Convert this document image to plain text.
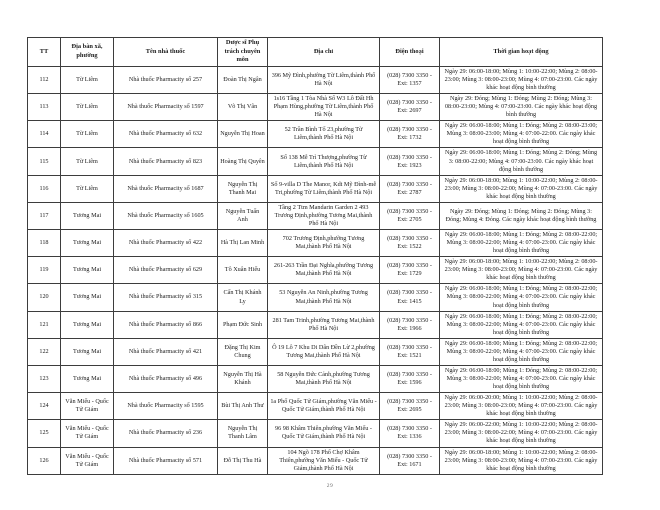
TT	Địa bàn xã, phường	Tên nhà thuốc	Dược sĩ Phụ trách chuyên môn	Địa chỉ	Điện thoại	Thời gian hoạt động
112	Từ Liêm	Nhà thuốc Pharmacity số 257	Đoàn Thị Ngân	396 Mỹ Đình,phường Từ Liêm,thành Phố Hà Nội	(028) 7300 3350 - Ext: 1357	Ngày 29: 06:00-18:00; Mùng 1: 10:00-22:00; Mùng 2: 08:00-23:00; Mùng 3: 08:00-23:00; Mùng 4: 07:00-23:00. Các ngày khác hoạt động bình thường
113	Từ Liêm	Nhà thuốc Pharmacity số 1597	Võ Thị Vân	1s16 Tầng 1 Tòa Nhà Số W3 Lô Đất Hh Phạm Hùng,phường Từ Liêm,thành Phố Hà Nội	(028) 7300 3350 - Ext: 2697	Ngày 29: Đóng; Mùng 1: Đóng; Mùng 2: Đóng; Mùng 3: 08:00-23:00; Mùng 4: 07:00-23:00. Các ngày khác hoạt động bình thường
114	Từ Liêm	Nhà thuốc Pharmacity số 632	Nguyễn Thị Hoan	52 Trần Bình Tổ 23,phường Từ Liêm,thành Phố Hà Nội	(028) 7300 3350 - Ext: 1732	Ngày 29: 06:00-18:00; Mùng 1: Đóng; Mùng 2: 08:00-23:00; Mùng 3: 08:00-23:00; Mùng 4: 07:00-22:00. Các ngày khác hoạt động bình thường
115	Từ Liêm	Nhà thuốc Pharmacity số 823	Hoàng Thị Quyên	Số 138 Mễ Trì Thượng,phường Từ Liêm,thành Phố Hà Nội	(028) 7300 3350 - Ext: 1923	Ngày 29: 06:00-18:00; Mùng 1: Đóng; Mùng 2: Đóng; Mùng 3: 08:00-22:00; Mùng 4: 07:00-23:00. Các ngày khác hoạt động bình thường
116	Từ Liêm	Nhà thuốc Pharmacity số 1687	Nguyễn Thị Thanh Mai	Số 9-villa D The Manor, Kdt Mỹ Đình-mễ Tri,phường Từ Liêm,thành Phố Hà Nội	(028) 7300 3350 - Ext: 2787	Ngày 29: 06:00-18:00; Mùng 1: 10:00-22:00; Mùng 2: 08:00-23:00; Mùng 3: 08:00-22:00; Mùng 4: 07:00-23:00. Các ngày khác hoạt động bình thường
117	Tương Mai	Nhà thuốc Pharmacity số 1605	Nguyễn Tuấn Anh	Tầng 2 Ttm Mandarin Garden 2 493 Trương Định,phường Tương Mai,thành Phố Hà Nội	(028) 7300 3350 - Ext: 2705	Ngày 29: Đóng; Mùng 1: Đóng; Mùng 2: Đóng; Mùng 3: Đóng; Mùng 4: Đóng. Các ngày khác hoạt động bình thường
118	Tương Mai	Nhà thuốc Pharmacity số 422	Hà Thị Lan Minh	702 Trương Định,phường Tương Mai,thành Phố Hà Nội	(028) 7300 3350 - Ext: 1522	Ngày 29: 06:00-18:00; Mùng 1: Đóng; Mùng 2: 08:00-22:00; Mùng 3: 08:00-22:00; Mùng 4: 07:00-23:00. Các ngày khác hoạt động bình thường
119	Tương Mai	Nhà thuốc Pharmacity số 629	Tô Xuân Hiếu	261-263 Trần Đại Nghĩa,phường Tương Mai,thành Phố Hà Nội	(028) 7300 3350 - Ext: 1729	Ngày 29: 06:00-18:00; Mùng 1: 10:00-22:00; Mùng 2: 08:00-23:00; Mùng 3: 08:00-23:00; Mùng 4: 07:00-23:00. Các ngày khác hoạt động bình thường
120	Tương Mai	Nhà thuốc Pharmacity số 315	Cấn Thị Khánh Ly	53 Nguyễn An Ninh,phường Tương Mai,thành Phố Hà Nội	(028) 7300 3350 - Ext: 1415	Ngày 29: 06:00-18:00; Mùng 1: Đóng; Mùng 2: 08:00-22:00; Mùng 3: 08:00-22:00; Mùng 4: 07:00-23:00. Các ngày khác hoạt động bình thường
121	Tương Mai	Nhà thuốc Pharmacity số 866	Phạm Đức Sinh	281 Tam Trinh,phường Tương Mai,thành Phố Hà Nội	(028) 7300 3350 - Ext: 1966	Ngày 29: 06:00-18:00; Mùng 1: Đóng; Mùng 2: 08:00-22:00; Mùng 3: 08:00-22:00; Mùng 4: 07:00-23:00. Các ngày khác hoạt động bình thường
122	Tương Mai	Nhà thuốc Pharmacity số 421	Đặng Thị Kim Chung	Ô 19 Lô 7 Khu Di Dân Đền Lừ 2,phường Tương Mai,thành Phố Hà Nội	(028) 7300 3350 - Ext: 1521	Ngày 29: 06:00-18:00; Mùng 1: Đóng; Mùng 2: 08:00-22:00; Mùng 3: 08:00-22:00; Mùng 4: 07:00-23:00. Các ngày khác hoạt động bình thường
123	Tương Mai	Nhà thuốc Pharmacity số 496	Nguyễn Thị Hà Khánh	58 Nguyễn Đức Cảnh,phường Tương Mai,thành Phố Hà Nội	(028) 7300 3350 - Ext: 1596	Ngày 29: 06:00-18:00; Mùng 1: Đóng; Mùng 2: 08:00-22:00; Mùng 3: 08:00-22:00; Mùng 4: 07:00-23:00. Các ngày khác hoạt động bình thường
124	Văn Miếu - Quốc Tử Giám	Nhà thuốc Pharmacity số 1595	Bùi Thị Anh Thư	1a Phố Quốc Tử Giám,phường Văn Miếu - Quốc Tử Giám,thành Phố Hà Nội	(028) 7300 3350 - Ext: 2695	Ngày 29: 06:00-20:00; Mùng 1: 10:00-22:00; Mùng 2: 08:00-23:00; Mùng 3: 08:00-23:00; Mùng 4: 07:00-23:00. Các ngày khác hoạt động bình thường
125	Văn Miếu - Quốc Tử Giám	Nhà thuốc Pharmacity số 236	Nguyễn Thị Thanh Lâm	96 98 Khâm Thiên,phường Văn Miếu - Quốc Tử Giám,thành Phố Hà Nội	(028) 7300 3350 - Ext: 1336	Ngày 29: 06:00-22:00; Mùng 1: 10:00-22:00; Mùng 2: 08:00-23:00; Mùng 3: 08:00-22:00; Mùng 4: 07:00-23:00. Các ngày khác hoạt động bình thường
126	Văn Miếu - Quốc Tử Giám	Nhà thuốc Pharmacity số 571	Đỗ Thị Thu Hà	104 Ngõ 178 Phố Chợ Khâm Thiên,phường Văn Miếu - Quốc Tử Giám,thành Phố Hà Nội	(028) 7300 3350 - Ext: 1671	Ngày 29: 06:00-18:00; Mùng 1: 10:00-22:00; Mùng 2: 08:00-23:00; Mùng 3: 08:00-23:00; Mùng 4: 07:00-23:00. Các ngày khác hoạt động bình thường
29
